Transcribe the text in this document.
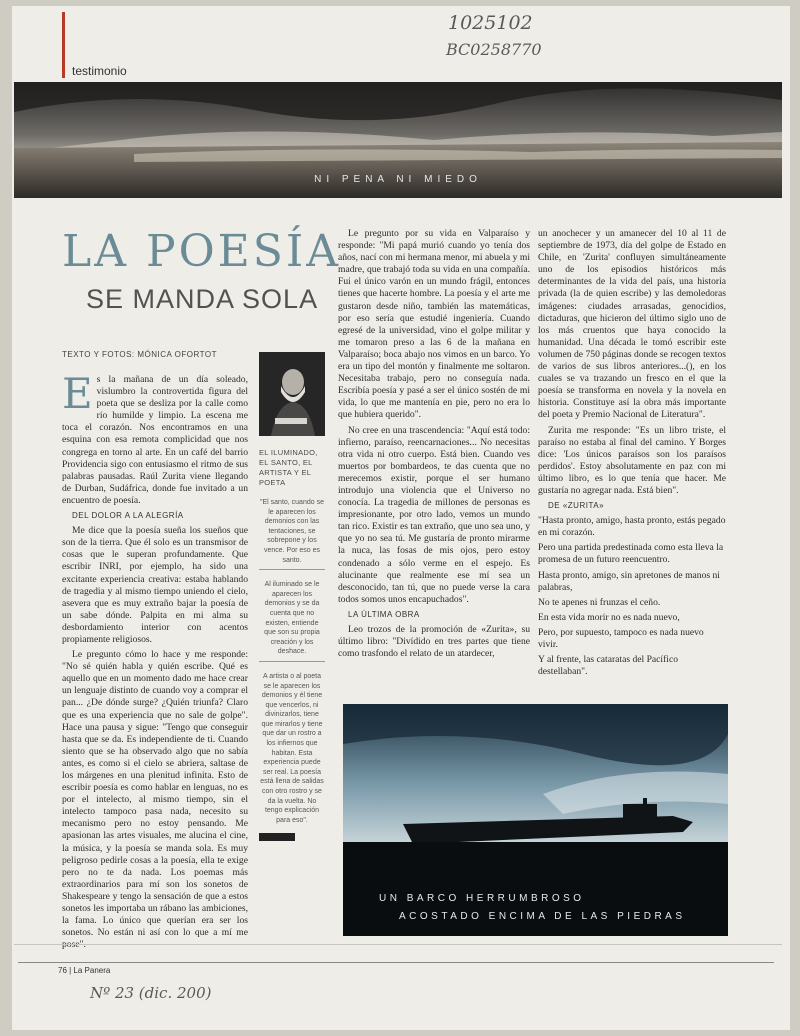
1025102
BC0258770
testimonio
NI PENA NI MIEDO
LA POESÍA
SE MANDA SOLA
TEXTO Y FOTOS: MÓNICA OFORTOT

Es la mañana de un día soleado, vislumbro la controvertida figura del poeta que se desliza por la calle como río humilde y limpio. La escena me toca el corazón. Nos encontramos en una esquina con esa remota complicidad que nos congrega en torno al arte. En un café del barrio Providencia sigo con entusiasmo el ritmo de sus palabras pausadas. Raúl Zurita viene llegando de Durban, Sudáfrica, donde fue invitado a un encuentro de poesía.

DEL DOLOR A LA ALEGRÍA

Me dice que la poesía sueña los sueños que son de la tierra. Que él solo es un transmisor de cosas que le superan profundamente. Que escribir INRI, por ejemplo, ha sido una excitante experiencia creativa: estaba hablando de tragedia y al mismo tiempo uniendo el cielo, asevera que es muy extraño bajar la poesía de un sabe dónde. Palpita en mi alma su desbordamiento interior con acentos propiamente religiosos.

Le pregunto cómo lo hace y me responde: "No sé quién habla y quién escribe. Qué es aquello que en un momento dado me hace crear un lenguaje distinto de cuando voy a comprar el pan... ¿De dónde surge? ¿Quién triunfa? Claro que es una experiencia que no sale de golpe". Hace una pausa y sigue: "Tengo que conseguir hasta que se da. Es independiente de ti. Cuando siento que se ha observado algo que no sabía antes, es como si el cielo se abriera, saltase de los márgenes en una plenitud infinita. Esto de escribir poesía es como hablar en lenguas, no es por el intelecto, al mismo tiempo, sin el intelecto tampoco pasa nada, necesito su mecanismo pero no estoy pensando. Me apasionan las artes visuales, me alucina el cine, la música, y la poesía se manda sola. Es muy peligroso pedirle cosas a la poesía, ella te exige pero no te da nada. Los poemas más extraordinarios para mí son los sonetos de Shakespeare y tengo la sensación de que a estos sonetos les importaba un rábano las ambiciones, la fama. Lo único que querían era ser los sonetos. No están ni así con lo que a mí me

EL ILUMINADO, EL SANTO, EL ARTISTA Y EL POETA
"El santo, cuando se le aparecen los demonios con las tentaciones, se sobrepone y los vence. Por eso es santo.
Al iluminado se le aparecen los demonios y se da cuenta que no existen, entiende que son su propia creación y los deshace.
A artista o al poeta se le aparecen los demonios y él tiene que vencerlos, ni divinizarlos, tiene que mirarlos y tiene que dar un rostro a los infiernos que habitan. Esta experiencia puede ser real. La poesía está llena de salidas con otro rostro y se da la vuelta. No tengo explicación para eso".

Le pregunto por su vida en Valparaíso y responde: "Mi papá murió cuando yo tenía dos años, nací con mi hermana menor, mi abuela y mi madre, que trabajó toda su vida en una compañía. Fui el único varón en un mundo frágil, entonces tienes que hacerte hombre. La poesía y el arte me gustaron desde niño, también las matemáticas, por eso sería que estudié ingeniería. Cuando egresé de la universidad, vino el golpe militar y me tomaron preso a las 6 de la mañana en Valparaíso; boca abajo nos vimos en un barco. Yo era un tipo del montón y finalmente me soltaron. Necesitaba trabajo, pero no conseguía nada. Escribía poesía y pasé a ser el único sostén de mi vida, lo que me mantenía en pie, pero no era lo que hubiera querido".

No cree en una trascendencia: "Aquí está todo: infierno, paraíso, reencarnaciones... No necesitas otra vida ni otro cuerpo. Está bien. Cuando ves muertos por bombardeos, te das cuenta que no merecemos existir, porque el ser humano introdujo una violencia que el Universo no conocía. La tragedia de millones de personas es impresionante, por otro lado, vemos un mundo tan rico. Existir es tan extraño, que uno sea uno, y que yo no sea tú. Me gustaría de pronto mirarme la nuca, las fosas de mis ojos, pero estoy condenado a sólo verme en el espejo. Es alucinante que realmente ese mí sea un desconocido, tan tú, que no puede verse la cara todos somos unos encapuchados".

LA ÚLTIMA OBRA

Leo trozos de la promoción de «Zurita», su último libro: "Divídido en tres partes que tiene como trasfondo el relato de un atardecer,

un anochecer y un amanecer del 10 al 11 de septiembre de 1973, día del golpe de Estado en Chile, en 'Zurita' confluyen simultáneamente uno de los episodios históricos más determinantes de la vida del país, una historia privada (la de quien escribe) y las demoledoras imágenes: ciudades arrasadas, genocidios, dictaduras, que hicieron del último siglo uno de los más cruentos que haya conocido la humanidad. Una década le tomó escribir este volumen de 750 páginas donde se recogen textos de varios de sus libros anteriores...(), en los cuales se va trazando un fresco en el que la poesía se transforma en novela y la novela en historia. Constituye así la obra más importante del poeta y Premio Nacional de Literatura".

Zurita me responde: "Es un libro triste, el paraíso no estaba al final del camino. Y Borges dice: 'Los únicos paraísos son los paraísos perdidos'. Estoy absolutamente en paz con mi último libro, es lo que tenía que hacer. Me gustaría no agregar nada. Está bien".

DE «ZURITA»

"Hasta pronto, amigo, hasta pronto, estás pegado en mi corazón.

Pero una partida predestinada como esta lleva la promesa de un futuro reencuentro.

Hasta pronto, amigo, sin apretones de manos ni palabras,

No te apenes ni frunzas el ceño.

En esta vida morir no es nada nuevo,

Pero, por supuesto, tampoco es nada nuevo vivir.

Y al frente, las cataratas del Pacífico destellaban".

UN BARCO HERRUMBROSO
ACOSTADO ENCIMA DE LAS PIEDRAS
76 | La Panera
Nº 23 (dic. 200)
